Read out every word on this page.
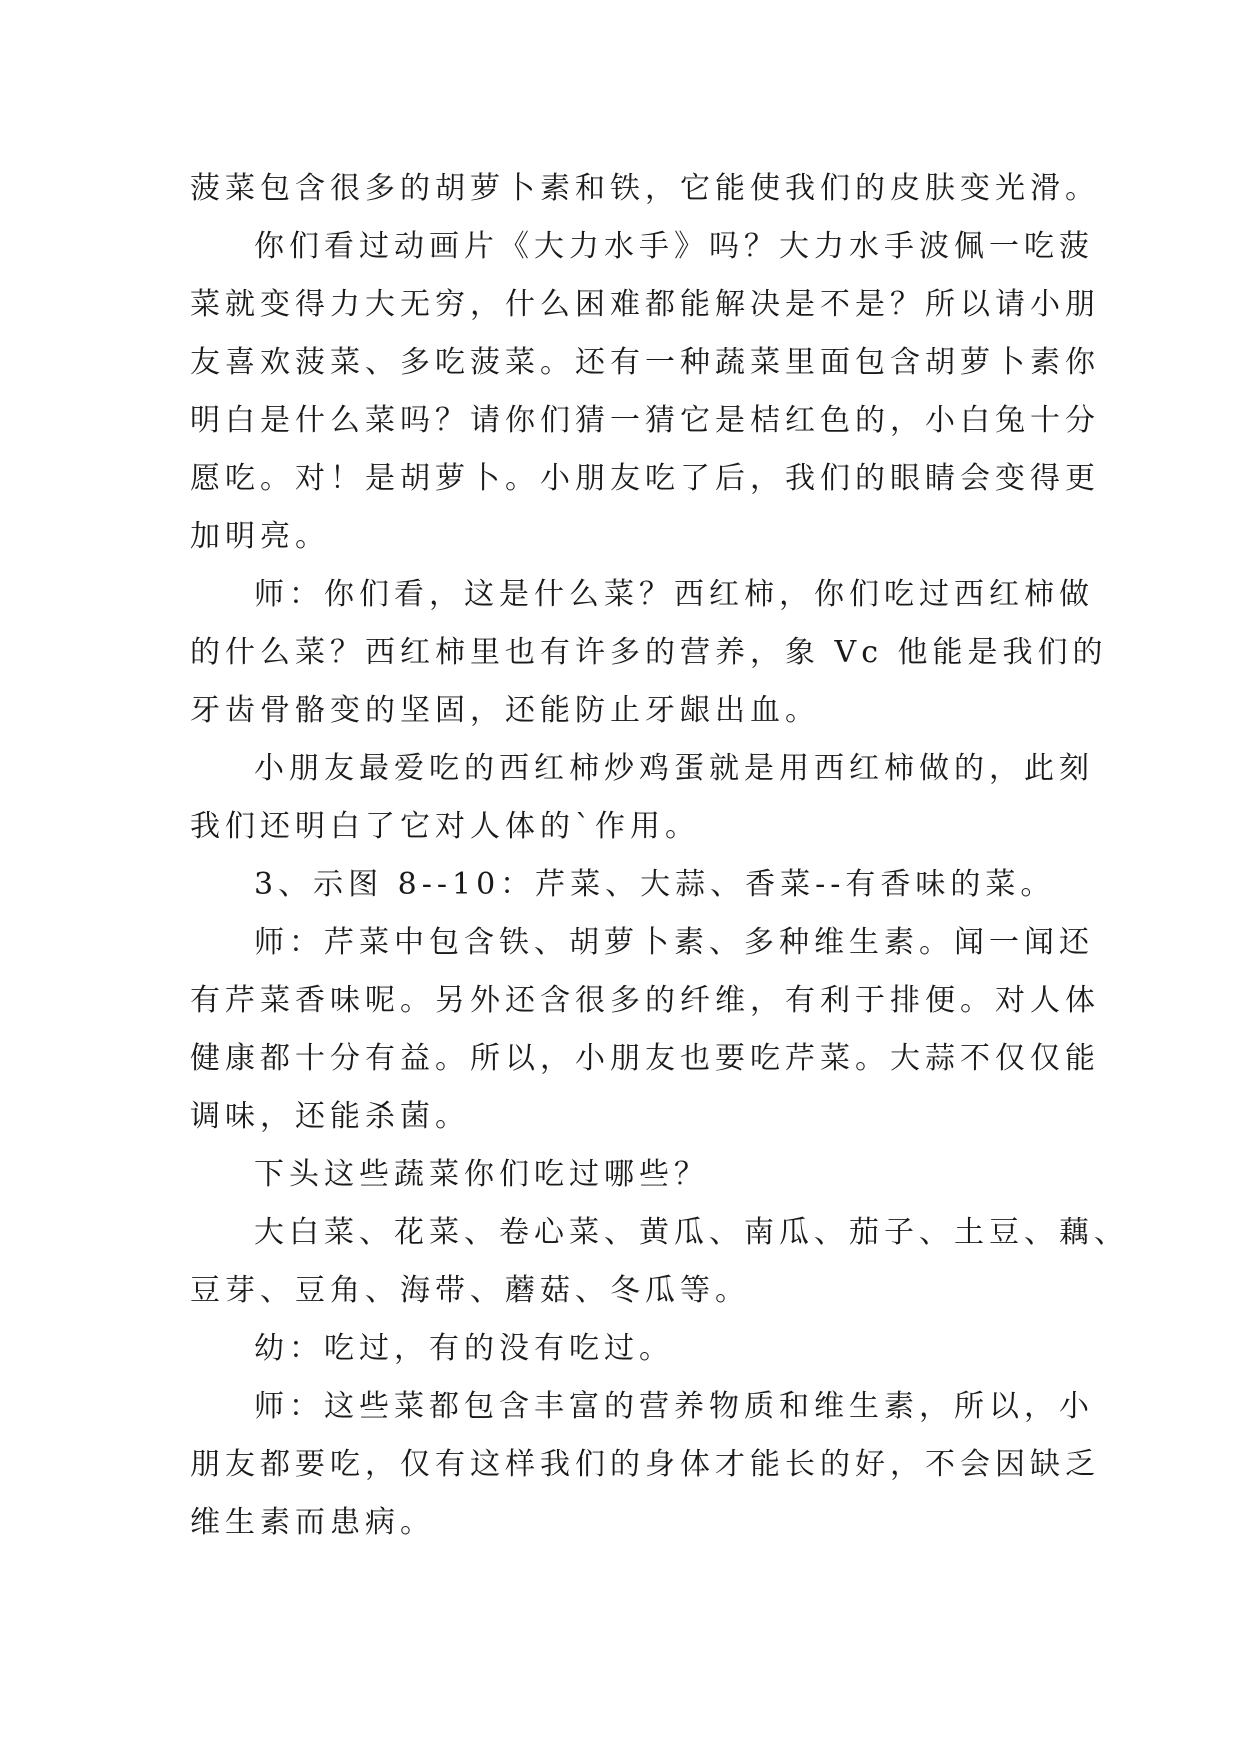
菠菜包含很多的胡萝卜素和铁，它能使我们的皮肤变光滑。
你们看过动画片《大力水手》吗？大力水手波佩一吃菠
菜就变得力大无穷，什么困难都能解决是不是？所以请小朋
友喜欢菠菜、多吃菠菜。还有一种蔬菜里面包含胡萝卜素你
明白是什么菜吗？请你们猜一猜它是桔红色的，小白兔十分
愿吃。对！是胡萝卜。小朋友吃了后，我们的眼睛会变得更
加明亮。
师：你们看，这是什么菜？西红柿，你们吃过西红柿做
的什么菜？西红柿里也有许多的营养，象 Vc 他能是我们的
牙齿骨骼变的坚固，还能防止牙龈出血。
小朋友最爱吃的西红柿炒鸡蛋就是用西红柿做的，此刻
我们还明白了它对人体的`作用。
3、示图 8--10：芹菜、大蒜、香菜--有香味的菜。
师：芹菜中包含铁、胡萝卜素、多种维生素。闻一闻还
有芹菜香味呢。另外还含很多的纤维，有利于排便。对人体
健康都十分有益。所以，小朋友也要吃芹菜。大蒜不仅仅能
调味，还能杀菌。
下头这些蔬菜你们吃过哪些？
大白菜、花菜、卷心菜、黄瓜、南瓜、茄子、土豆、藕、
豆芽、豆角、海带、蘑菇、冬瓜等。
幼：吃过，有的没有吃过。
师：这些菜都包含丰富的营养物质和维生素，所以，小
朋友都要吃，仅有这样我们的身体才能长的好，不会因缺乏
维生素而患病。
